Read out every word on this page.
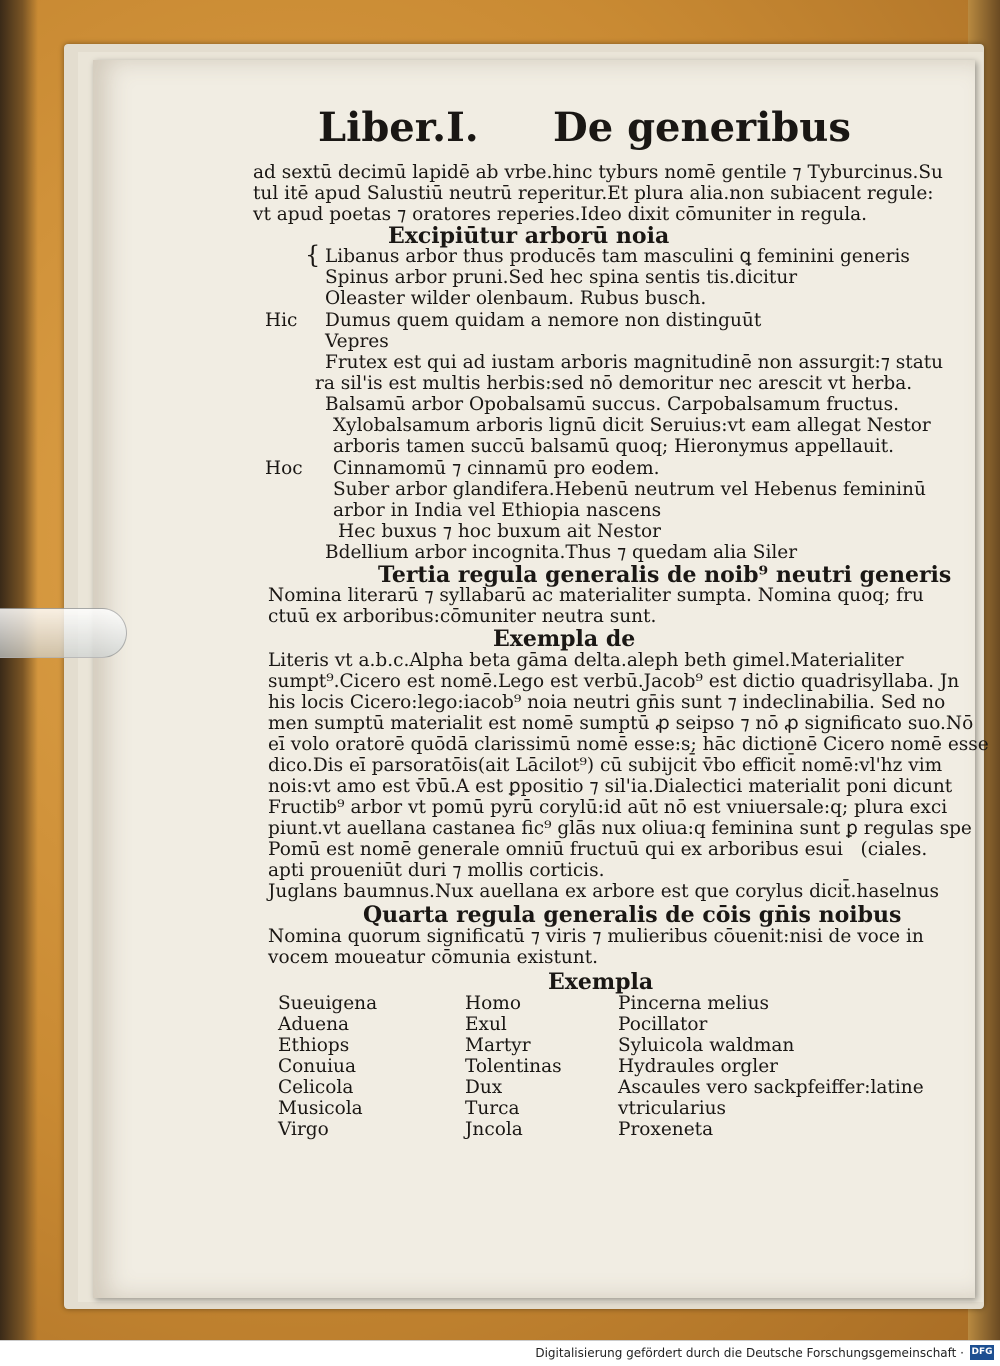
Liber.I. De generibus
ad sextū decimū lapidē ab vrbe.hinc tyburs nomē gentile ⁊ Tyburcinus.Su
tul itē apud Salustiū neutrū reperitur.Et plura alia.non subiacent regule:
vt apud poetas ⁊ oratores reperies.Ideo dixit cōmuniter in regula.
Excipiūtur arborū noia
{ Libanus arbor thus producēs tam masculini ꝗ feminini generis
Spinus arbor pruni.Sed hec spina sentis tis.dicitur
Oleaster wilder olenbaum. Rubus busch.
Hic Dumus quem quidam a nemore non distinguūt
Vepres
Frutex est qui ad iustam arboris magnitudinē non assurgit:⁊ statu
ra sil'is est multis herbis:sed nō demoritur nec arescit vt herba.
Balsamū arbor Opobalsamū succus. Carpobalsamum fructus.
Xylobalsamum arboris lignū dicit Seruius:vt eam allegat Nestor
arboris tamen succū balsamū quoq; Hieronymus appellauit.
Hoc Cinnamomū ⁊ cinnamū pro eodem.
Suber arbor glandifera.Hebenū neutrum vel Hebenus femininū
arbor in India vel Ethiopia nascens
Hec buxus ⁊ hoc buxum ait Nestor
Bdellium arbor incognita.Thus ⁊ quedam alia Siler
Tertia regula generalis de noib⁹ neutri generis
Nomina literarū ⁊ syllabarū ac materialiter sumpta. Nomina quoq; fru
ctuū ex arboribus:cōmuniter neutra sunt.
Exempla de
Literis vt a.b.c.Alpha beta gāma delta.aleph beth gimel.Materialiter
sumpt⁹.Cicero est nomē.Lego est verbū.Jacob⁹ est dictio quadrisyllaba. Jn
his locis Cicero:lego:iacob⁹ noia neutri gn̄is sunt ⁊ indeclinabilia. Sed no
men sumptū materialit est nomē sumptū ꝓ seipso ⁊ nō ꝓ significato suo.Nō
eī volo oratorē quōdā clarissimū nomē esse:s; hāc dictionē Cicero nomē esse
dico.Dis eī parsoratōis(ait Lācilot⁹) cū subijcit̄ v̄bo efficit̄ nomē:vl'hz vim
nois:vt amo est v̄bū.A est ꝑpositio ⁊ sil'ia.Dialectici materialit poni dicunt
Fructib⁹ arbor vt pomū pyrū corylū:id aūt nō est vniuersale:q; plura exci
piunt.vt auellana castanea fic⁹ glās nux oliua:q feminina sunt ꝑ regulas spe
Pomū est nomē generale omniū fructuū qui ex arboribus esui   (ciales.
apti proueniūt duri ⁊ mollis corticis.
Juglans baumnus.Nux auellana ex arbore est que corylus dicit̄.haselnus
Quarta regula generalis de cōis gn̄is noibus
Nomina quorum significatū ⁊ viris ⁊ mulieribus cōuenit:nisi de voce in
vocem moueatur cōmunia existunt.
Exempla
Sueuigena
Aduena
Ethiops
Conuiua
Celicola
Musicola
Virgo
Homo
Exul
Martyr
Tolentinas
Dux
Turca
Jncola
Pincerna melius
Pocillator
Syluicola waldman
Hydraules orgler
Ascaules vero sackpfeiffer:latine
vtricularius
Proxeneta
Digitalisierung gefördert durch die Deutsche Forschungsgemeinschaft · DFG
